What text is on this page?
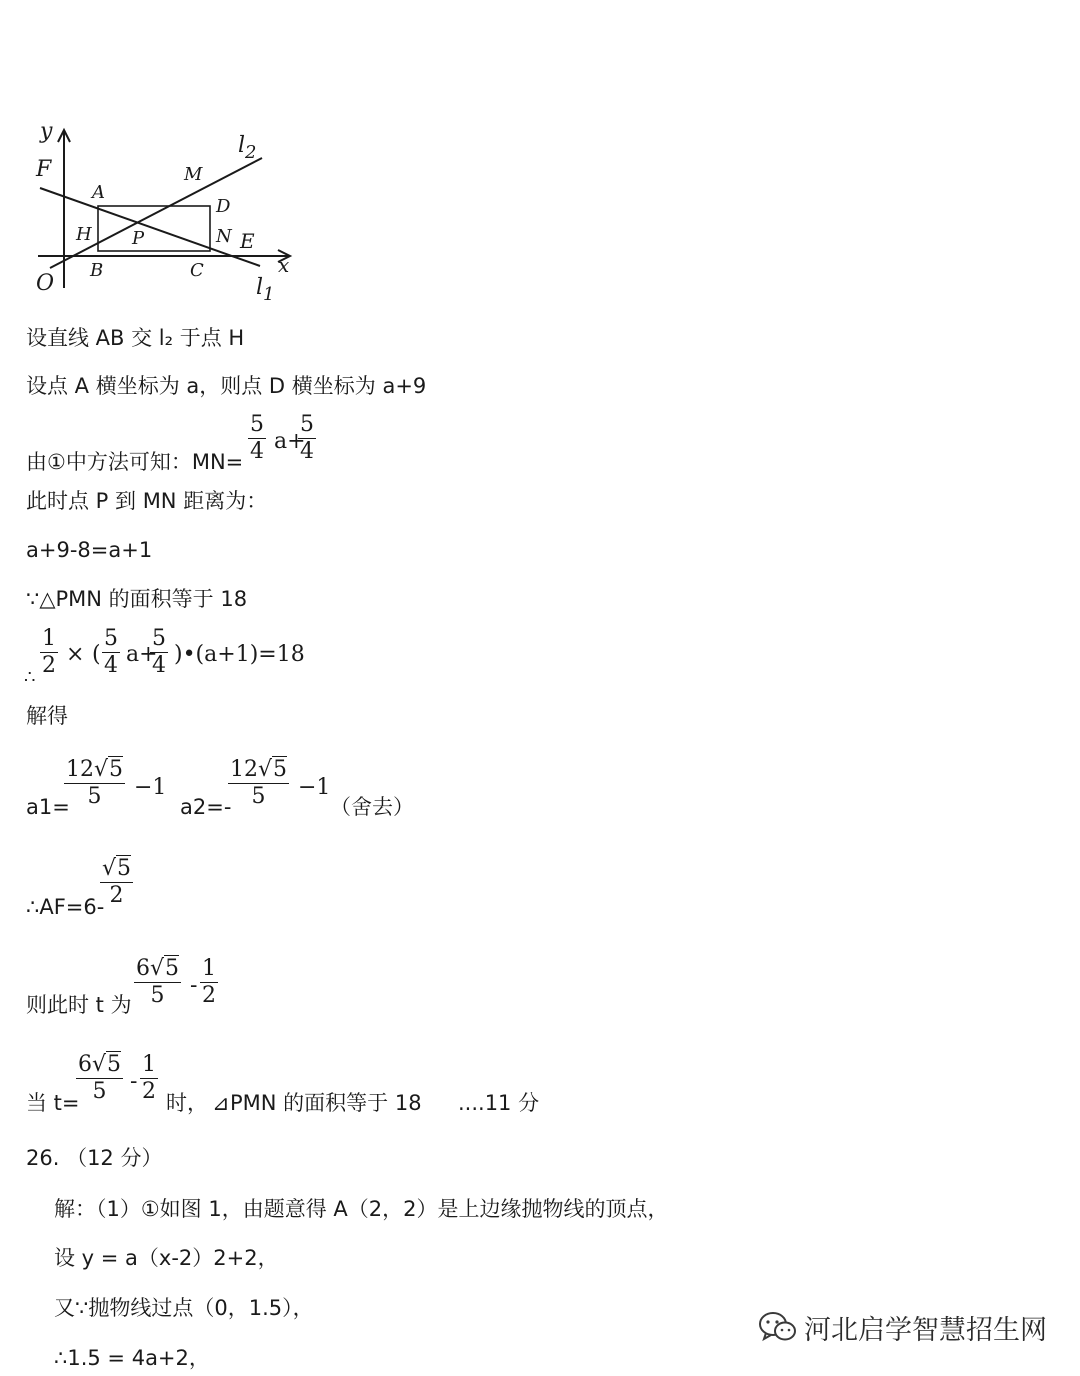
y
F
A
M
D
H P	N E
O
B	C	x
$l_2$
$l_1$
设直线 AB 交 l₂ 于点 H
设点 A 横坐标为 a，则点 D 横坐标为 a+9
由①中方法可知：$MN= \frac{5}{4} a+$
$\frac{5}{4}$
此时点 P 到 MN 距离为：
a+9-8=a+1
∵△PMN 的面积等于 18
∴ $\frac{1}{2}$ × ( $\frac{5}{4} a+$
$\frac{5}{4}$ )•(a+1)=18
解得
a1=
$\frac{12√5}{5} -1$
a2=-
$\frac{12√5}{5} -1$
（舍去）
∴AF=6-
$\frac{√5}{2}$
则此时 t 为 $\frac{6√5}{5} - \frac{1}{2}$
当 t=
$\frac{6√5}{5} - \frac{1}{2}$ 时， ⊿ PMN 的面积等于 18 ....11 分
26. （12 分）
解：（1）①如图 1，由题意得 A（2，2）是上边缘抛物线的顶点，
设 y = a（x-2）2+2，
又∵抛物线过点（0，1.5），
∴1.5 = 4a+2，
河北启学智慧招生网
